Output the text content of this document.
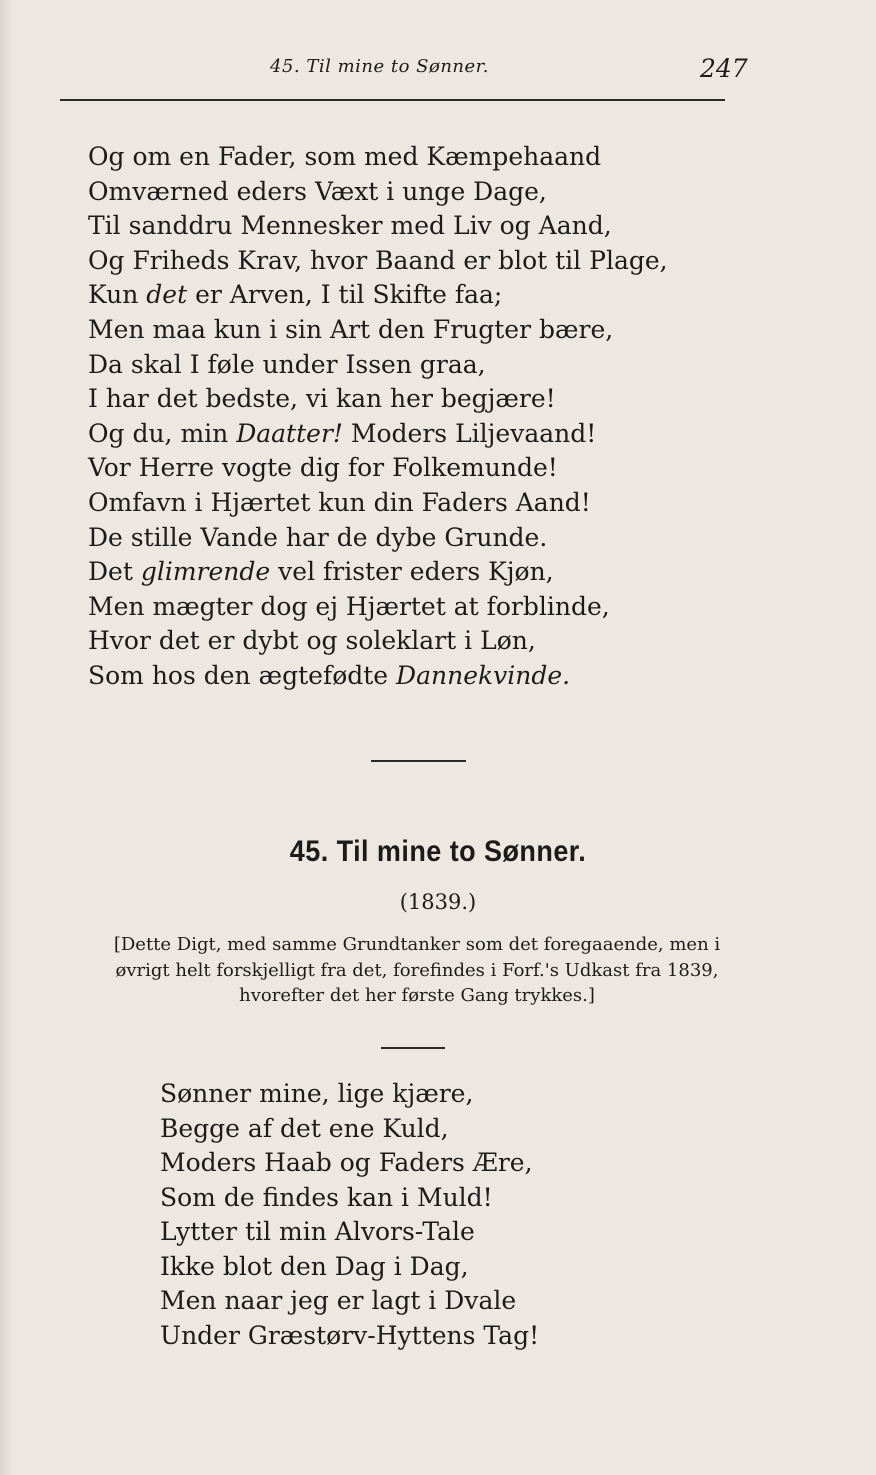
45. Til mine to Sønner.	247
Og om en Fader, som med Kæmpehaand
Omværned eders Væxt i unge Dage,
Til sanddru Mennesker med Liv og Aand,
Og Friheds Krav, hvor Baand er blot til Plage,
Kun det er Arven, I til Skifte faa;
Men maa kun i sin Art den Frugter bære,
Da skal I føle under Issen graa,
I har det bedste, vi kan her begjære!
Og du, min Daatter! Moders Liljevaand!
Vor Herre vogte dig for Folkemunde!
Omfavn i Hjærtet kun din Faders Aand!
De stille Vande har de dybe Grunde.
Det glimrende vel frister eders Kjøn,
Men mægter dog ej Hjærtet at forblinde,
Hvor det er dybt og soleklart i Løn,
Som hos den ægtefødte Dannekvinde.
45. Til mine to Sønner.
(1839.)
[Dette Digt, med samme Grundtanker som det foregaaende, men i
øvrigt helt forskjelligt fra det, forefindes i Forf.'s Udkast fra 1839,
hvorefter det her første Gang trykkes.]
Sønner mine, lige kjære,
Begge af det ene Kuld,
Moders Haab og Faders Ære,
Som de findes kan i Muld!
Lytter til min Alvors-Tale
Ikke blot den Dag i Dag,
Men naar jeg er lagt i Dvale
Under Græstørv-Hyttens Tag!
